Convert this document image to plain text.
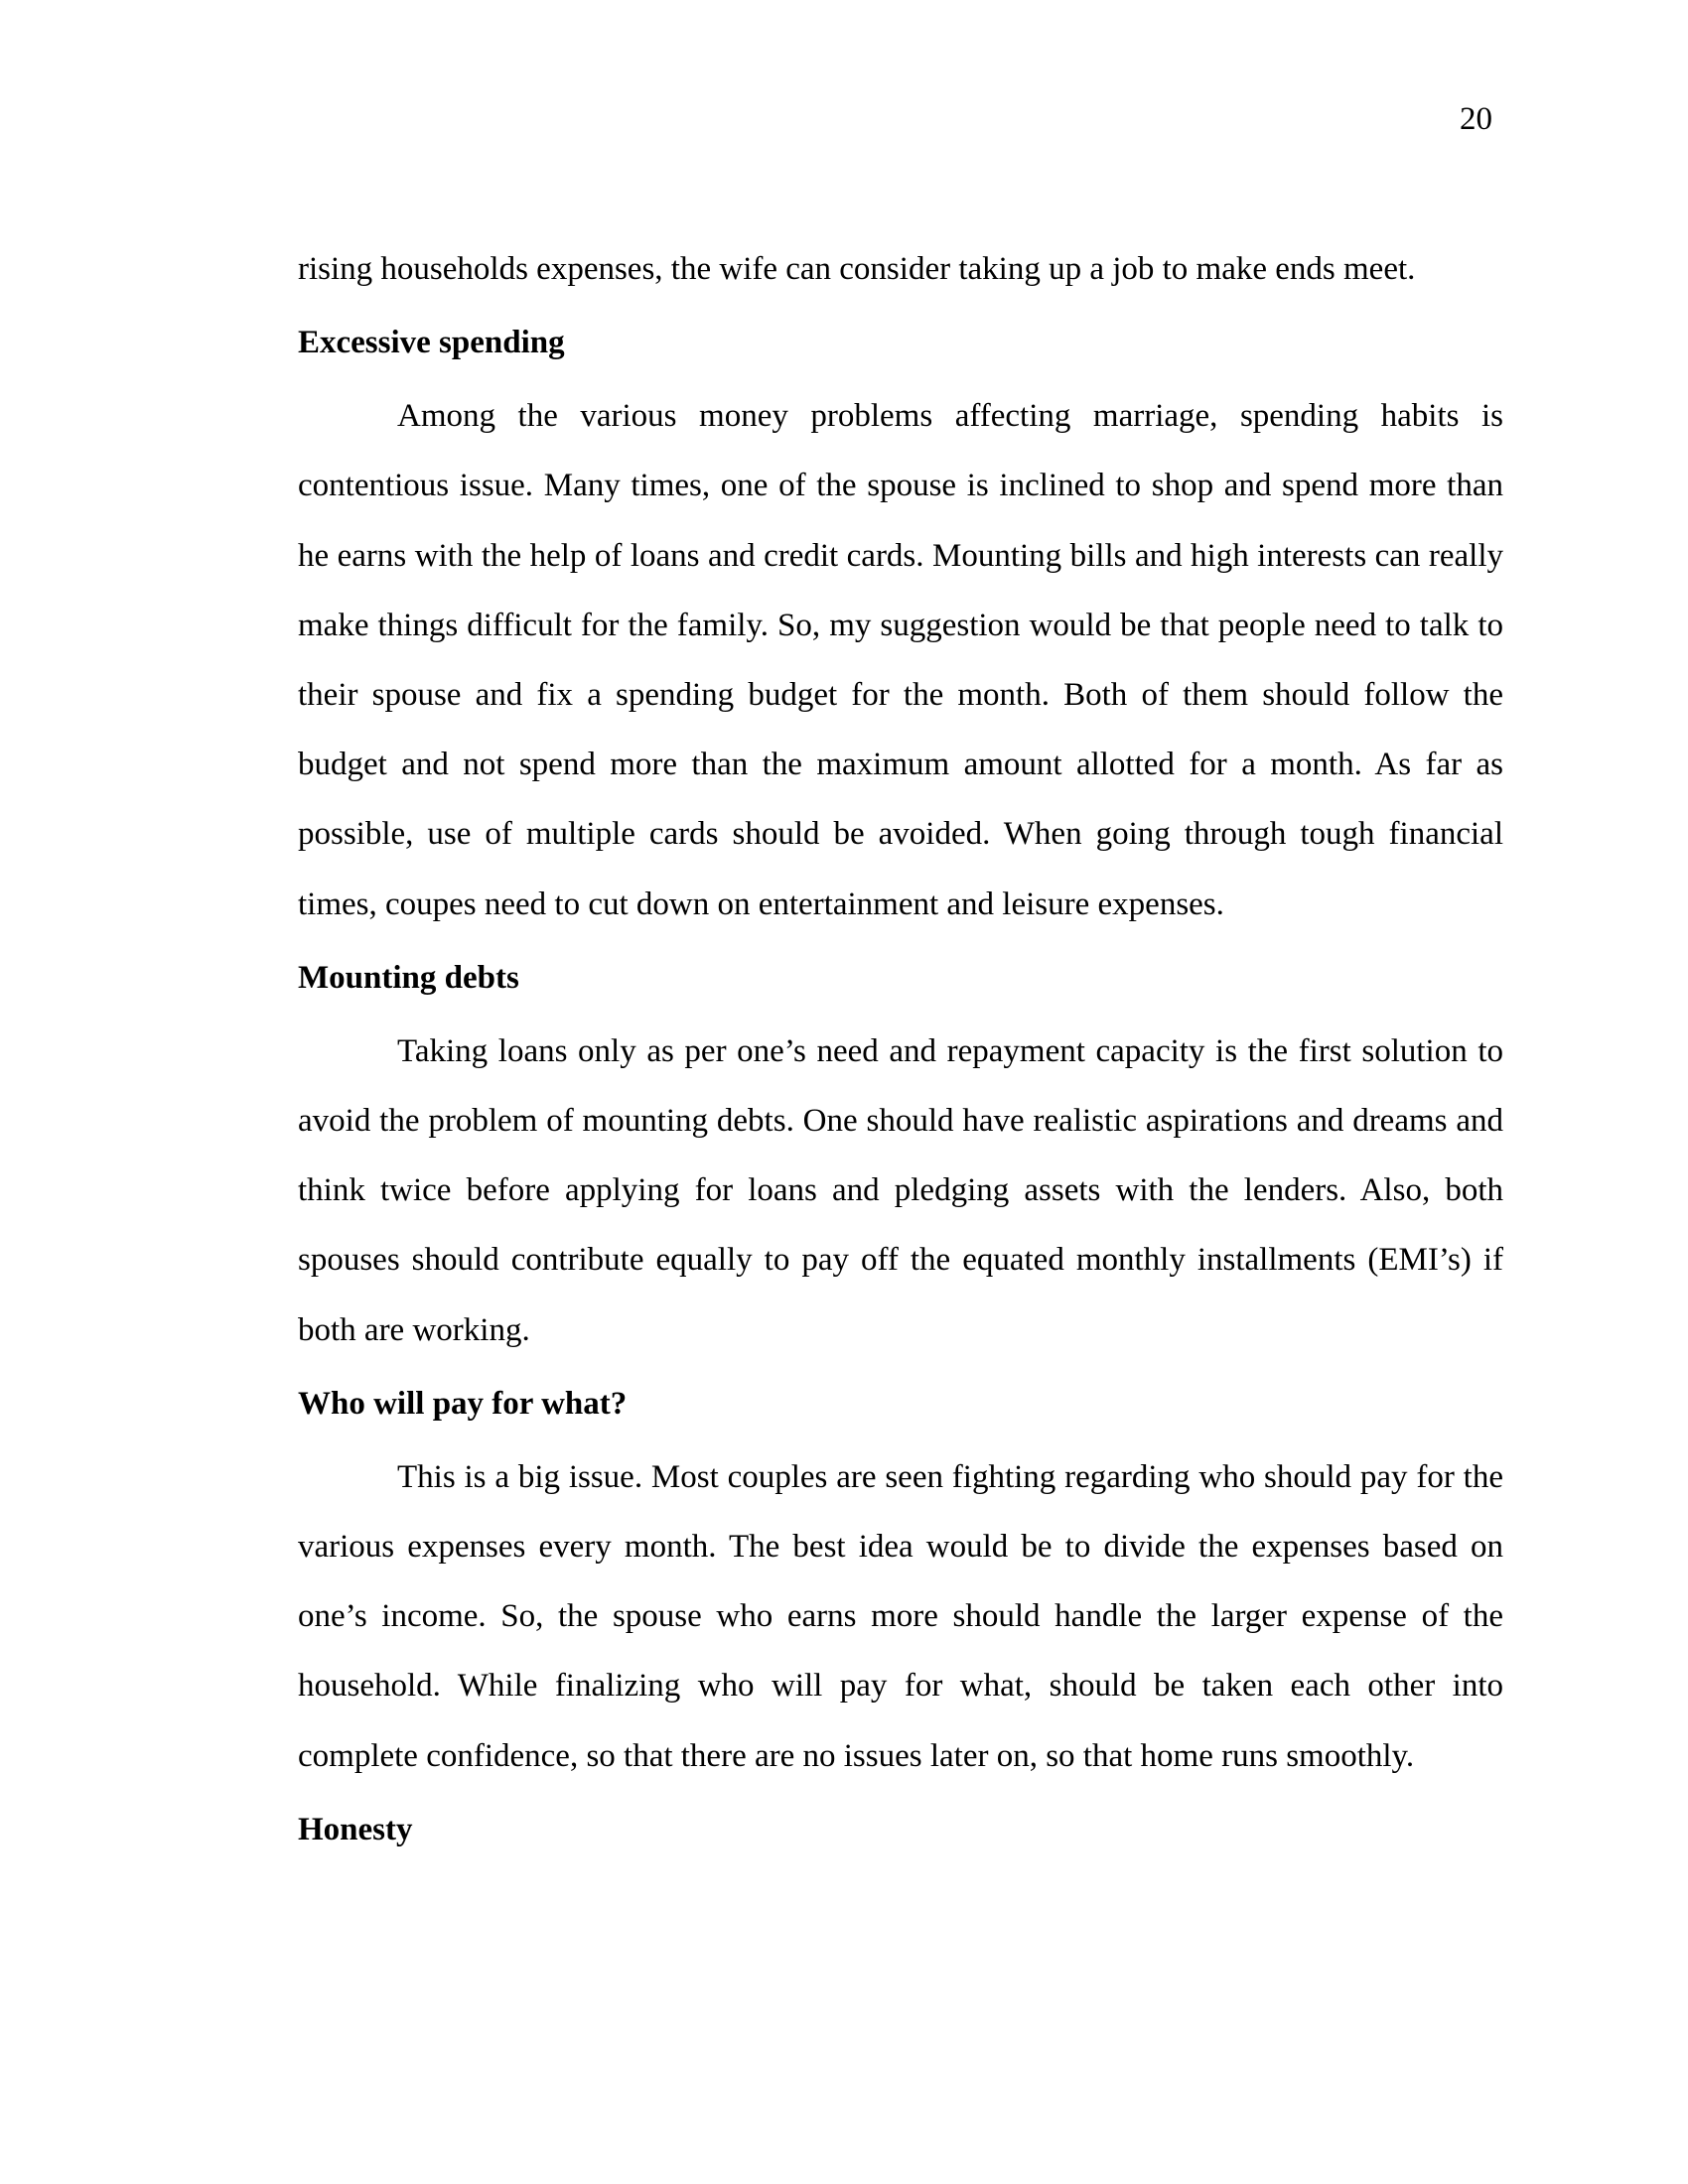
20

rising households expenses, the wife can consider taking up a job to make ends meet.

Excessive spending

Among the various money problems affecting marriage, spending habits is contentious issue. Many times, one of the spouse is inclined to shop and spend more than he earns with the help of loans and credit cards. Mounting bills and high interests can really make things difficult for the family. So, my suggestion would be that people need to talk to their spouse and fix a spending budget for the month. Both of them should follow the budget and not spend more than the maximum amount allotted for a month. As far as possible, use of multiple cards should be avoided. When going through tough financial times, coupes need to cut down on entertainment and leisure expenses.

Mounting debts

Taking loans only as per one’s need and repayment capacity is the first solution to avoid the problem of mounting debts. One should have realistic aspirations and dreams and think twice before applying for loans and pledging assets with the lenders. Also, both spouses should contribute equally to pay off the equated monthly installments (EMI’s) if both are working.

Who will pay for what?

This is a big issue. Most couples are seen fighting regarding who should pay for the various expenses every month. The best idea would be to divide the expenses based on one’s income. So, the spouse who earns more should handle the larger expense of the household. While finalizing who will pay for what, should be taken each other into complete confidence, so that there are no issues later on, so that home runs smoothly.

Honesty
